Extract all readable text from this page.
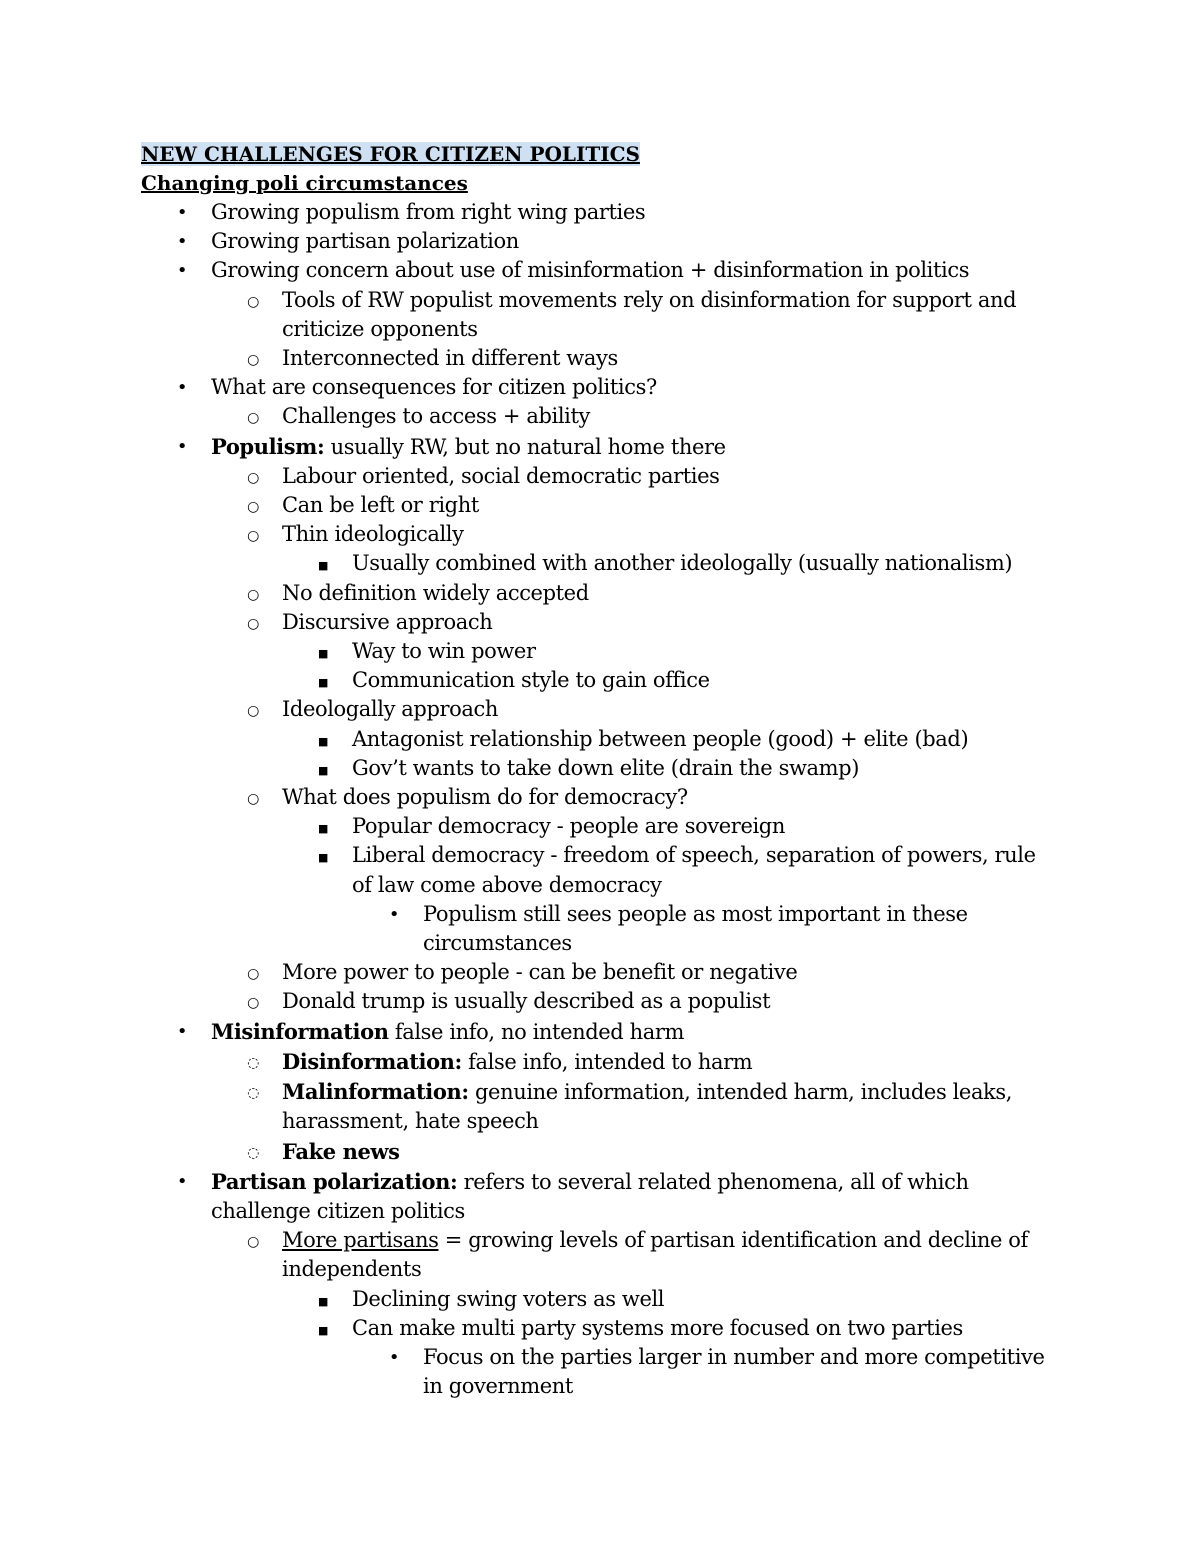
NEW CHALLENGES FOR CITIZEN POLITICS
Changing poli circumstances
•
Growing populism from right wing parties
•
Growing partisan polarization
•
Growing concern about use of misinformation + disinformation in politics
○
Tools of RW populist movements rely on disinformation for support and
criticize opponents
○
Interconnected in different ways
•
What are consequences for citizen politics?
○
Challenges to access + ability
•
Populism: usually RW, but no natural home there
○
Labour oriented, social democratic parties
○
Can be left or right
○
Thin ideologically
■
Usually combined with another ideologally (usually nationalism)
○
No definition widely accepted
○
Discursive approach
■
Way to win power
■
Communication style to gain office
○
Ideologally approach
■
Antagonist relationship between people (good) + elite (bad)
■
Gov’t wants to take down elite (drain the swamp)
○
What does populism do for democracy?
■
Popular democracy - people are sovereign
■
Liberal democracy - freedom of speech, separation of powers, rule
of law come above democracy
•
Populism still sees people as most important in these
circumstances
○
More power to people - can be benefit or negative
○
Donald trump is usually described as a populist
•
Misinformation false info, no intended harm
◌
Disinformation: false info, intended to harm
◌
Malinformation: genuine information, intended harm, includes leaks,
harassment, hate speech
◌
Fake news
•
Partisan polarization: refers to several related phenomena, all of which
challenge citizen politics
○
More partisans = growing levels of partisan identification and decline of
independents
■
Declining swing voters as well
■
Can make multi party systems more focused on two parties
•
Focus on the parties larger in number and more competitive
in government
